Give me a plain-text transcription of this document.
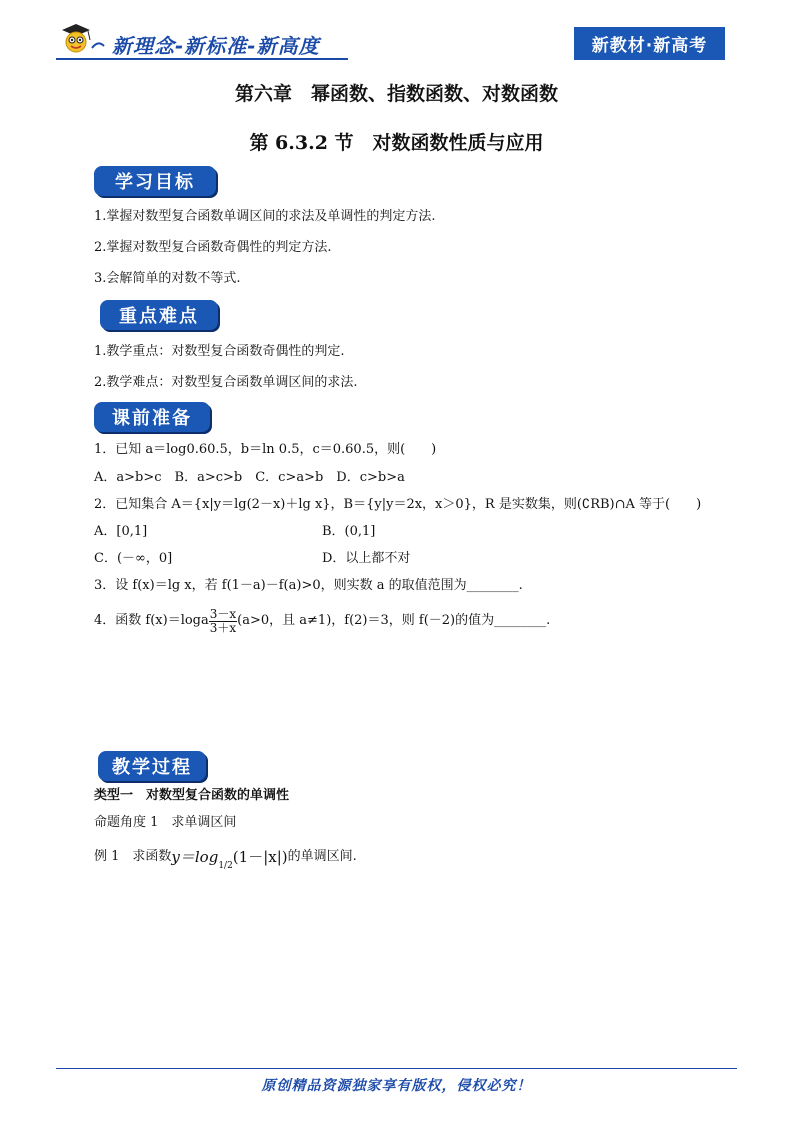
新理念-新标准-新高度	新教材·新高考
第六章　幂函数、指数函数、对数函数
第 6.3.2 节　对数函数性质与应用
学习目标
1.掌握对数型复合函数单调区间的求法及单调性的判定方法.
2.掌握对数型复合函数奇偶性的判定方法.
3.会解简单的对数不等式.
重点难点
1.教学重点：对数型复合函数奇偶性的判定.
2.教学难点：对数型复合函数单调区间的求法.
课前准备
1．已知 a＝log0.60.5，b＝ln 0.5，c＝0.60.5，则(　　)
A．a>b>c　B．a>c>b　C．c>a>b　D．c>b>a
2．已知集合 A＝{x|y＝lg(2－x)＋lg x}，B＝{y|y＝2x，x＞0}，R 是实数集，则(∁RB)∩A 等于(　　)
A．[0,1]	B．(0,1]
C．(－∞，0]	D．以上都不对
3．设 f(x)＝lg x，若 f(1－a)－f(a)>0，则实数 a 的取值范围为________.
4．函数 $f(x)=\log a \frac{3-x}{3+x} (a>0$，且 a≠1)，f(2)＝3，则 f(－2)的值为________.
教学过程
类型一　对数型复合函数的单调性
命题角度 1　求单调区间
例 1　求函数 y＝log 1/2 (1－|x|) 的单调区间.
原创精品资源独家享有版权，侵权必究！
